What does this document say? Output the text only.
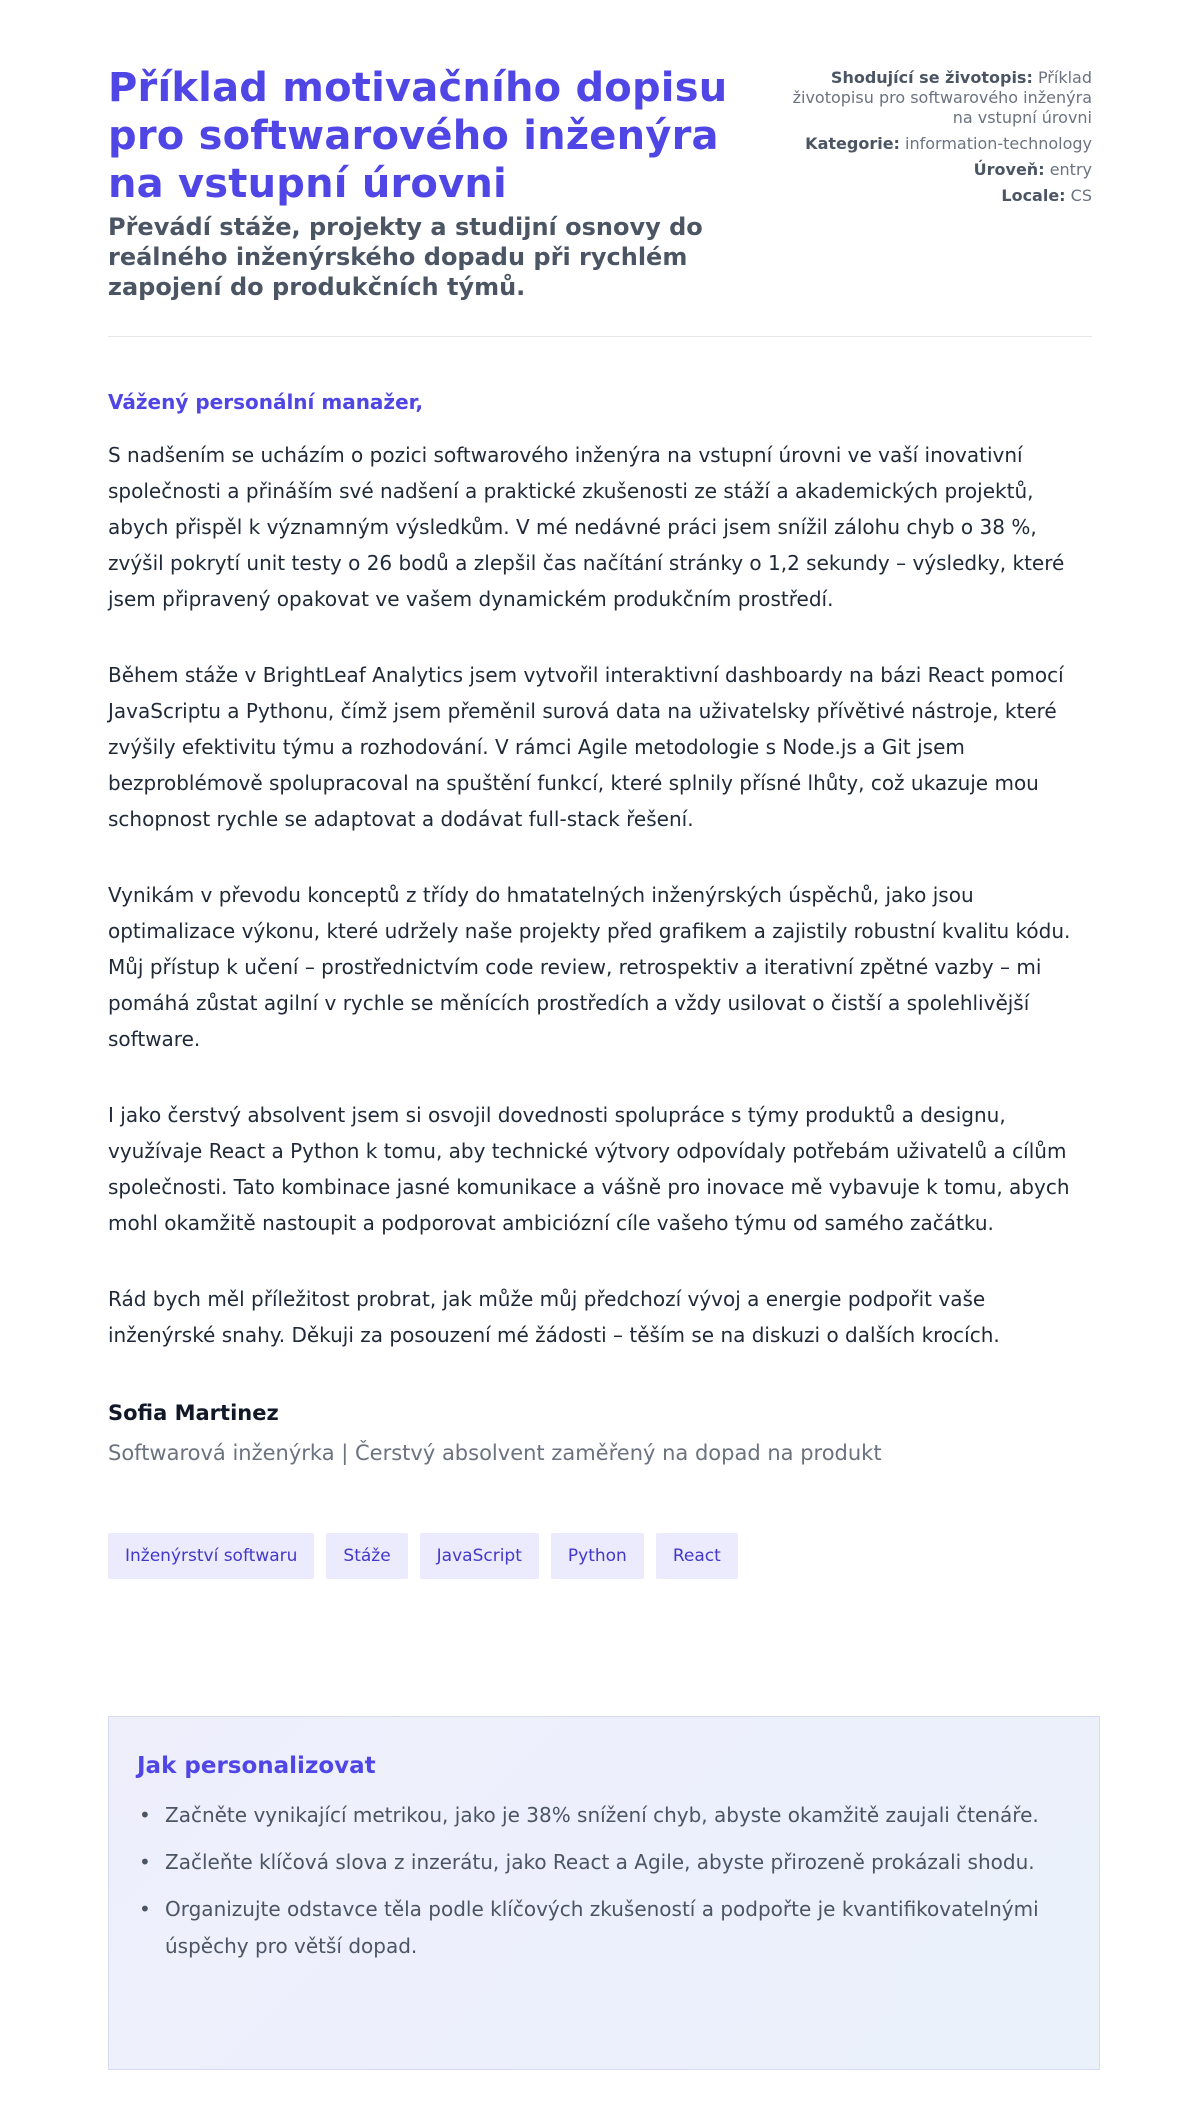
Příklad motivačního dopisu pro softwarového inženýra na vstupní úrovni
Převádí stáže, projekty a studijní osnovy do reálného inženýrského dopadu při rychlém zapojení do produkčních týmů.
Shodující se životopis: Příklad životopisu pro softwarového inženýra na vstupní úrovni
Kategorie: information-technology
Úroveň: entry
Locale: CS
Vážený personální manažer,

S nadšením se ucházím o pozici softwarového inženýra na vstupní úrovni ve vaší inovativní společnosti a přináším své nadšení a praktické zkušenosti ze stáží a akademických projektů, abych přispěl k významným výsledkům. V mé nedávné práci jsem snížil zálohu chyb o 38 %, zvýšil pokrytí unit testy o 26 bodů a zlepšil čas načítání stránky o 1,2 sekundy – výsledky, které jsem připravený opakovat ve vašem dynamickém produkčním prostředí.

Během stáže v BrightLeaf Analytics jsem vytvořil interaktivní dashboardy na bázi React pomocí JavaScriptu a Pythonu, čímž jsem přeměnil surová data na uživatelsky přívětivé nástroje, které zvýšily efektivitu týmu a rozhodování. V rámci Agile metodologie s Node.js a Git jsem bezproblémově spolupracoval na spuštění funkcí, které splnily přísné lhůty, což ukazuje mou schopnost rychle se adaptovat a dodávat full-stack řešení.

Vynikám v převodu konceptů z třídy do hmatatelných inženýrských úspěchů, jako jsou optimalizace výkonu, které udržely naše projekty před grafikem a zajistily robustní kvalitu kódu. Můj přístup k učení – prostřednictvím code review, retrospektiv a iterativní zpětné vazby – mi pomáhá zůstat agilní v rychle se měnících prostředích a vždy usilovat o čistší a spolehlivější software.

I jako čerstvý absolvent jsem si osvojil dovednosti spolupráce s týmy produktů a designu, využívaje React a Python k tomu, aby technické výtvory odpovídaly potřebám uživatelů a cílům společnosti. Tato kombinace jasné komunikace a vášně pro inovace mě vybavuje k tomu, abych mohl okamžitě nastoupit a podporovat ambiciózní cíle vašeho týmu od samého začátku.

Rád bych měl příležitost probrat, jak může můj předchozí vývoj a energie podpořit vaše inženýrské snahy. Děkuji za posouzení mé žádosti – těším se na diskuzi o dalších krocích.

Sofia Martinez
Softwarová inženýrka | Čerstvý absolvent zaměřený na dopad na produkt
Inženýrství softwaru	Stáže	JavaScript	Python	React
Jak personalizovat
• Začněte vynikající metrikou, jako je 38% snížení chyb, abyste okamžitě zaujali čtenáře.
• Začleňte klíčová slova z inzerátu, jako React a Agile, abyste přirozeně prokázali shodu.
• Organizujte odstavce těla podle klíčových zkušeností a podpořte je kvantifikovatelnými úspěchy pro větší dopad.
